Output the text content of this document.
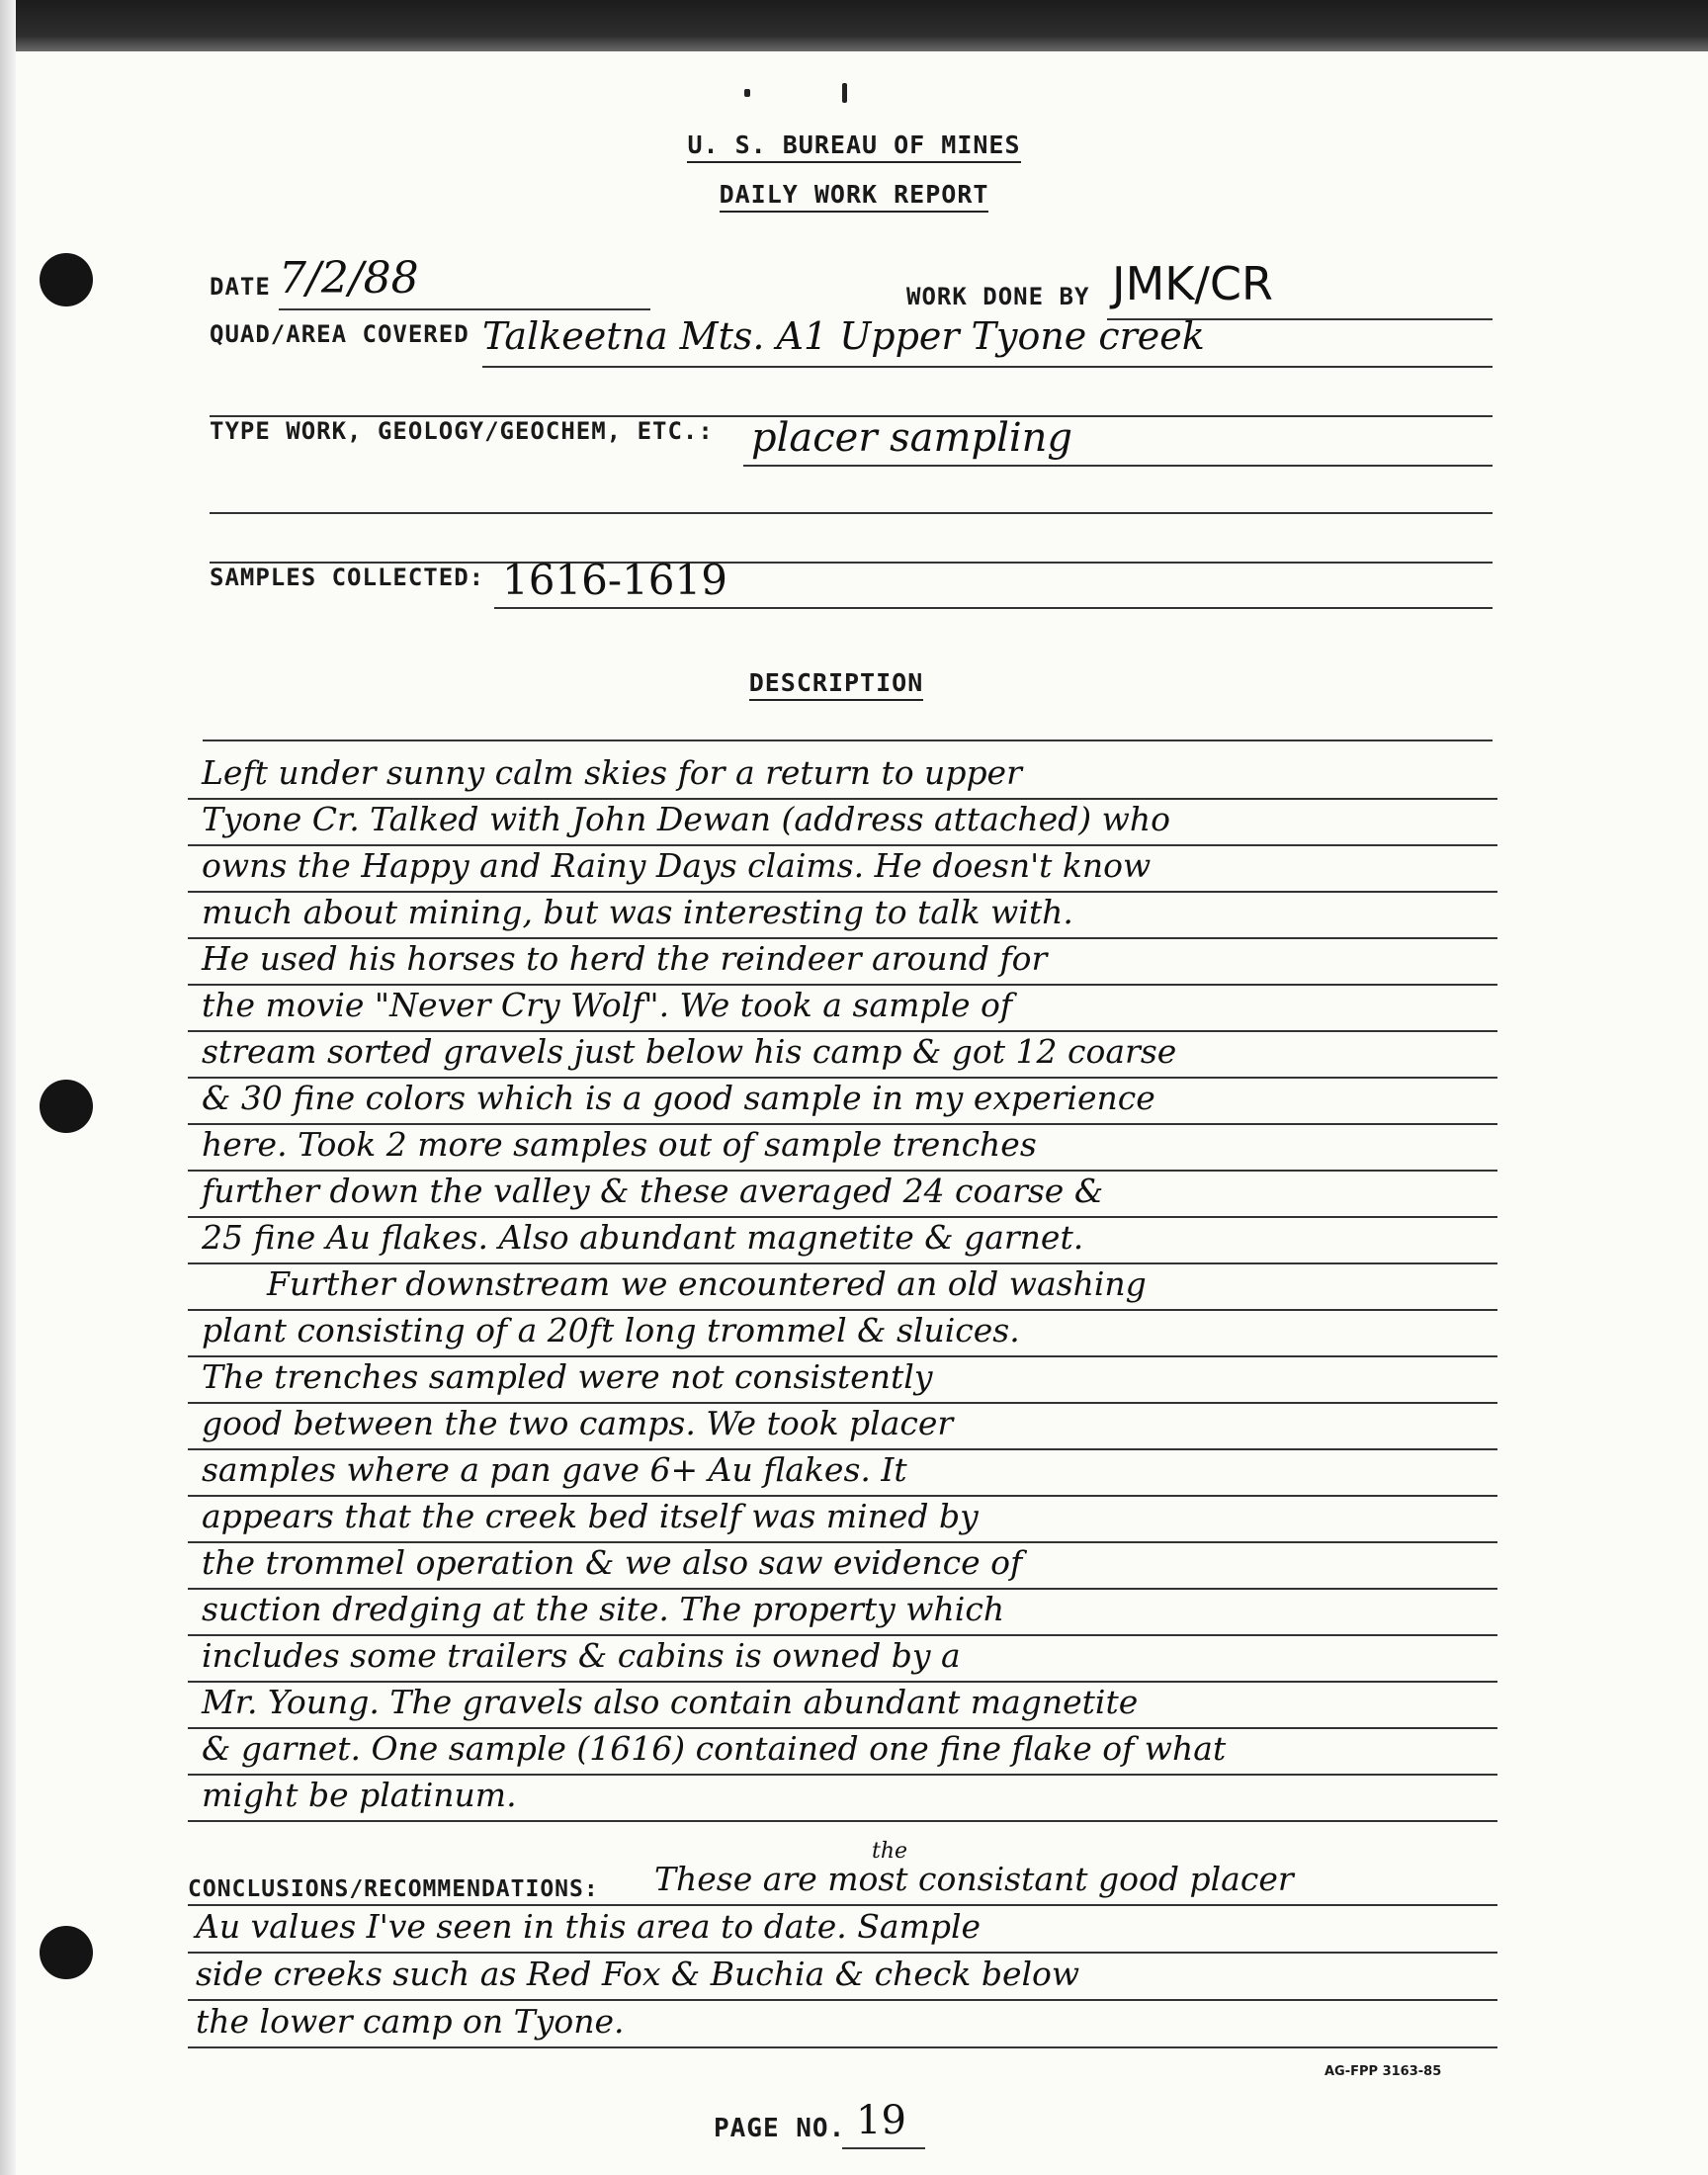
U. S. BUREAU OF MINES
DAILY WORK REPORT
DATE 7/2/88	WORK DONE BY JMK/CR
QUAD/AREA COVERED Talkeetna Mts. A1 Upper Tyone creek
TYPE WORK, GEOLOGY/GEOCHEM, ETC.: placer sampling
SAMPLES COLLECTED: 1616-1619
DESCRIPTION
Left under sunny calm skies for a return to upper
Tyone Cr. Talked with John Dewan (address attached) who
owns the Happy and Rainy Days claims. He doesn't know
much about mining, but was interesting to talk with.
He used his horses to herd the reindeer around for
the movie "Never Cry Wolf". We took a sample of
stream sorted gravels just below his camp & got 12 coarse
& 30 fine colors which is a good sample in my experience
here. Took 2 more samples out of sample trenches
further down the valley & these averaged 24 coarse &
25 fine Au flakes. Also abundant magnetite & garnet.
Further downstream we encountered an old washing
plant consisting of a 20ft long trommel & sluices.
The trenches sampled were not consistently
good between the two camps. We took placer
samples where a pan gave 6+ Au flakes. It
appears that the creek bed itself was mined by
the trommel operation & we also saw evidence of
suction dredging at the site. The property which
includes some trailers & cabins is owned by a
Mr. Young. The gravels also contain abundant magnetite
& garnet. One sample (1616) contained one fine flake of what
might be platinum.
CONCLUSIONS/RECOMMENDATIONS:
the
These are most consistant good placer
Au values I've seen in this area to date. Sample
side creeks such as Red Fox & Buchia & check below
the lower camp on Tyone.
AG-FPP 3163-85
PAGE NO. 19
